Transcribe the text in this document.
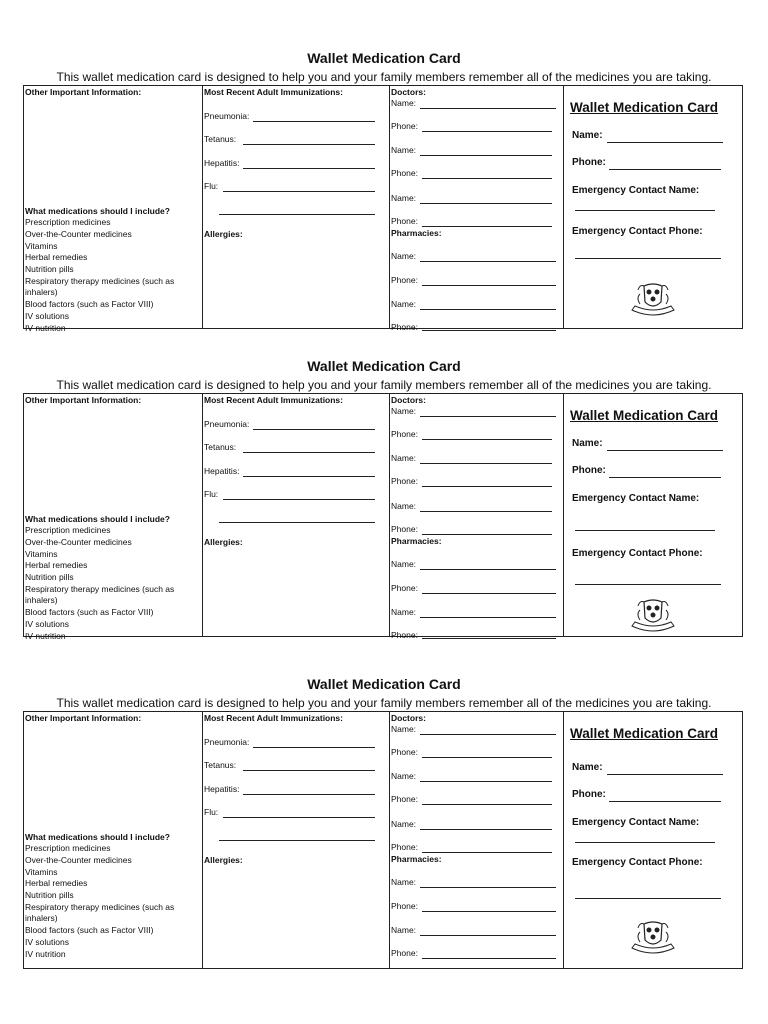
Wallet Medication Card
This wallet medication card is designed to help you and your family members remember all of the medicines you are taking.
Other Important Information:
What medications should I include?
Prescription medicines
Over-the-Counter medicines
Vitamins
Herbal remedies
Nutrition pills
Respiratory therapy medicines (such as inhalers)
Blood factors (such as Factor VIII)
IV solutions
IV nutrition
Most Recent Adult Immunizations:
Pneumonia:
Tetanus:
Hepatitis:
Flu:
Allergies:
Doctors:
Name:
Phone:
Name:
Phone:
Name:
Phone:
Pharmacies:
Name:
Phone:
Name:
Phone:
Wallet Medication Card
Name:
Phone:
Emergency Contact Name:
Emergency Contact Phone:
Wallet Medication Card
This wallet medication card is designed to help you and your family members remember all of the medicines you are taking.
Other Important Information:
What medications should I include?
Prescription medicines
Over-the-Counter medicines
Vitamins
Herbal remedies
Nutrition pills
Respiratory therapy medicines (such as inhalers)
Blood factors (such as Factor VIII)
IV solutions
IV nutrition
Most Recent Adult Immunizations:
Pneumonia:
Tetanus:
Hepatitis:
Flu:
Allergies:
Doctors:
Name:
Phone:
Name:
Phone:
Name:
Phone:
Pharmacies:
Name:
Phone:
Name:
Phone:
Wallet Medication Card
Name:
Phone:
Emergency Contact Name:
Emergency Contact Phone:
Wallet Medication Card
This wallet medication card is designed to help you and your family members remember all of the medicines you are taking.
Other Important Information:
What medications should I include?
Prescription medicines
Over-the-Counter medicines
Vitamins
Herbal remedies
Nutrition pills
Respiratory therapy medicines (such as inhalers)
Blood factors (such as Factor VIII)
IV solutions
IV nutrition
Most Recent Adult Immunizations:
Pneumonia:
Tetanus:
Hepatitis:
Flu:
Allergies:
Doctors:
Name:
Phone:
Name:
Phone:
Name:
Phone:
Pharmacies:
Name:
Phone:
Name:
Phone:
Wallet Medication Card
Name:
Phone:
Emergency Contact Name:
Emergency Contact Phone:
